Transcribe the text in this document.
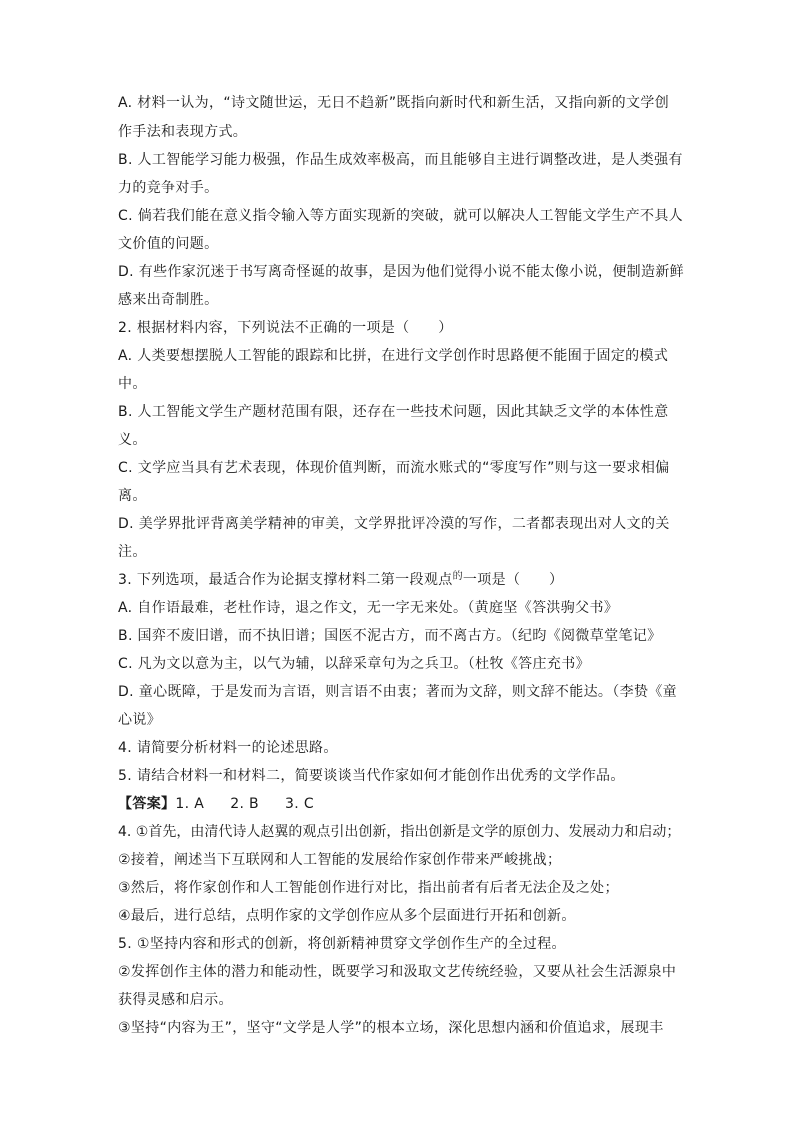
A. 材料一认为，“诗文随世运，无日不趋新”既指向新时代和新生活，又指向新的文学创
作手法和表现方式。
B. 人工智能学习能力极强，作品生成效率极高，而且能够自主进行调整改进，是人类强有
力的竞争对手。
C. 倘若我们能在意义指令输入等方面实现新的突破，就可以解决人工智能文学生产不具人
文价值的问题。
D. 有些作家沉迷于书写离奇怪诞的故事，是因为他们觉得小说不能太像小说，便制造新鲜
感来出奇制胜。
2. 根据材料内容，下列说法不正确的一项是（　　）
A. 人类要想摆脱人工智能的跟踪和比拼，在进行文学创作时思路便不能囿于固定的模式
中。
B. 人工智能文学生产题材范围有限，还存在一些技术问题，因此其缺乏文学的本体性意
义。
C. 文学应当具有艺术表现，体现价值判断，而流水账式的“零度写作”则与这一要求相偏
离。
D. 美学界批评背离美学精神的审美，文学界批评冷漠的写作，二者都表现出对人文的关
注。
3. 下列选项，最适合作为论据支撑材料二第一段观点$^的$一项是（　　）
A. 自作语最难，老杜作诗，退之作文，无一字无来处。（黄庭坚《答洪驹父书》
B. 国弈不废旧谱，而不执旧谱；国医不泥古方，而不离古方。（纪昀《阅微草堂笔记》
C. 凡为文以意为主，以气为辅，以辞采章句为之兵卫。（杜牧《答庄充书》
D. 童心既障，于是发而为言语，则言语不由衷；著而为文辞，则文辞不能达。（李贽《童
心说》
4. 请简要分析材料一的论述思路。
5. 请结合材料一和材料二，简要谈谈当代作家如何才能创作出优秀的文学作品。
【答案】1. A 2. B 3. C
4. ①首先，由清代诗人赵翼的观点引出创新，指出创新是文学的原创力、发展动力和启动；
②接着，阐述当下互联网和人工智能的发展给作家创作带来严峻挑战；
③然后，将作家创作和人工智能创作进行对比，指出前者有后者无法企及之处；
④最后，进行总结，点明作家的文学创作应从多个层面进行开拓和创新。
5. ①坚持内容和形式的创新，将创新精神贯穿文学创作生产的全过程。
②发挥创作主体的潜力和能动性，既要学习和汲取文艺传统经验，又要从社会生活源泉中
获得灵感和启示。
③坚持“内容为王”，坚守“文学是人学”的根本立场，深化思想内涵和价值追求，展现丰
